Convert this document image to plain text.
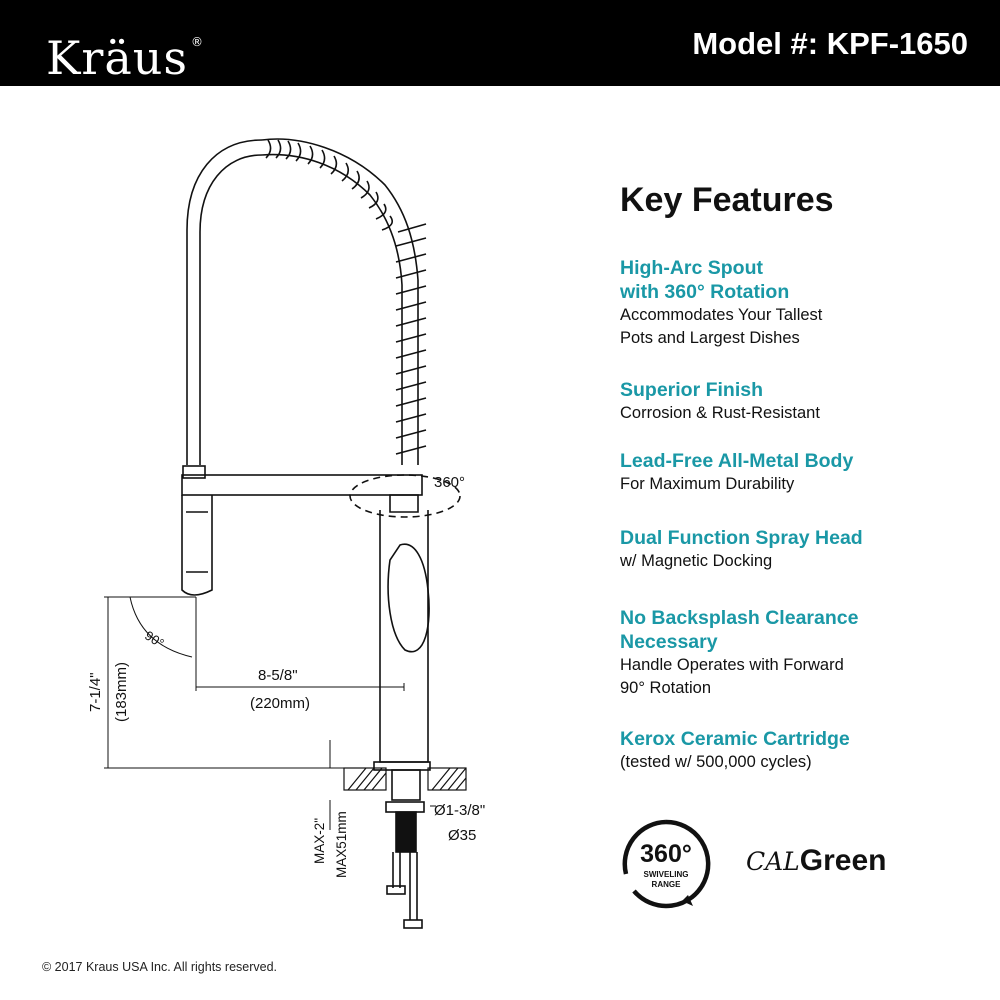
Kräus ®	Model #: KPF-1650
360°
90°
8-5/8"
(220mm)
7-1/4" (183mm)
MAX-2" MAX51mm
Ø1-3/8"
Ø35
Key Features
High-Arc Spout
with 360° Rotation
Accommodates Your Tallest
Pots and Largest Dishes
Superior Finish
Corrosion & Rust-Resistant
Lead-Free All-Metal Body
For Maximum Durability
Dual Function Spray Head
w/ Magnetic Docking
No Backsplash Clearance
Necessary
Handle Operates with Forward
90° Rotation
Kerox Ceramic Cartridge
(tested w/ 500,000 cycles)
360°
SWIVELING
RANGE
CALGreen
© 2017 Kraus USA Inc. All rights reserved.
